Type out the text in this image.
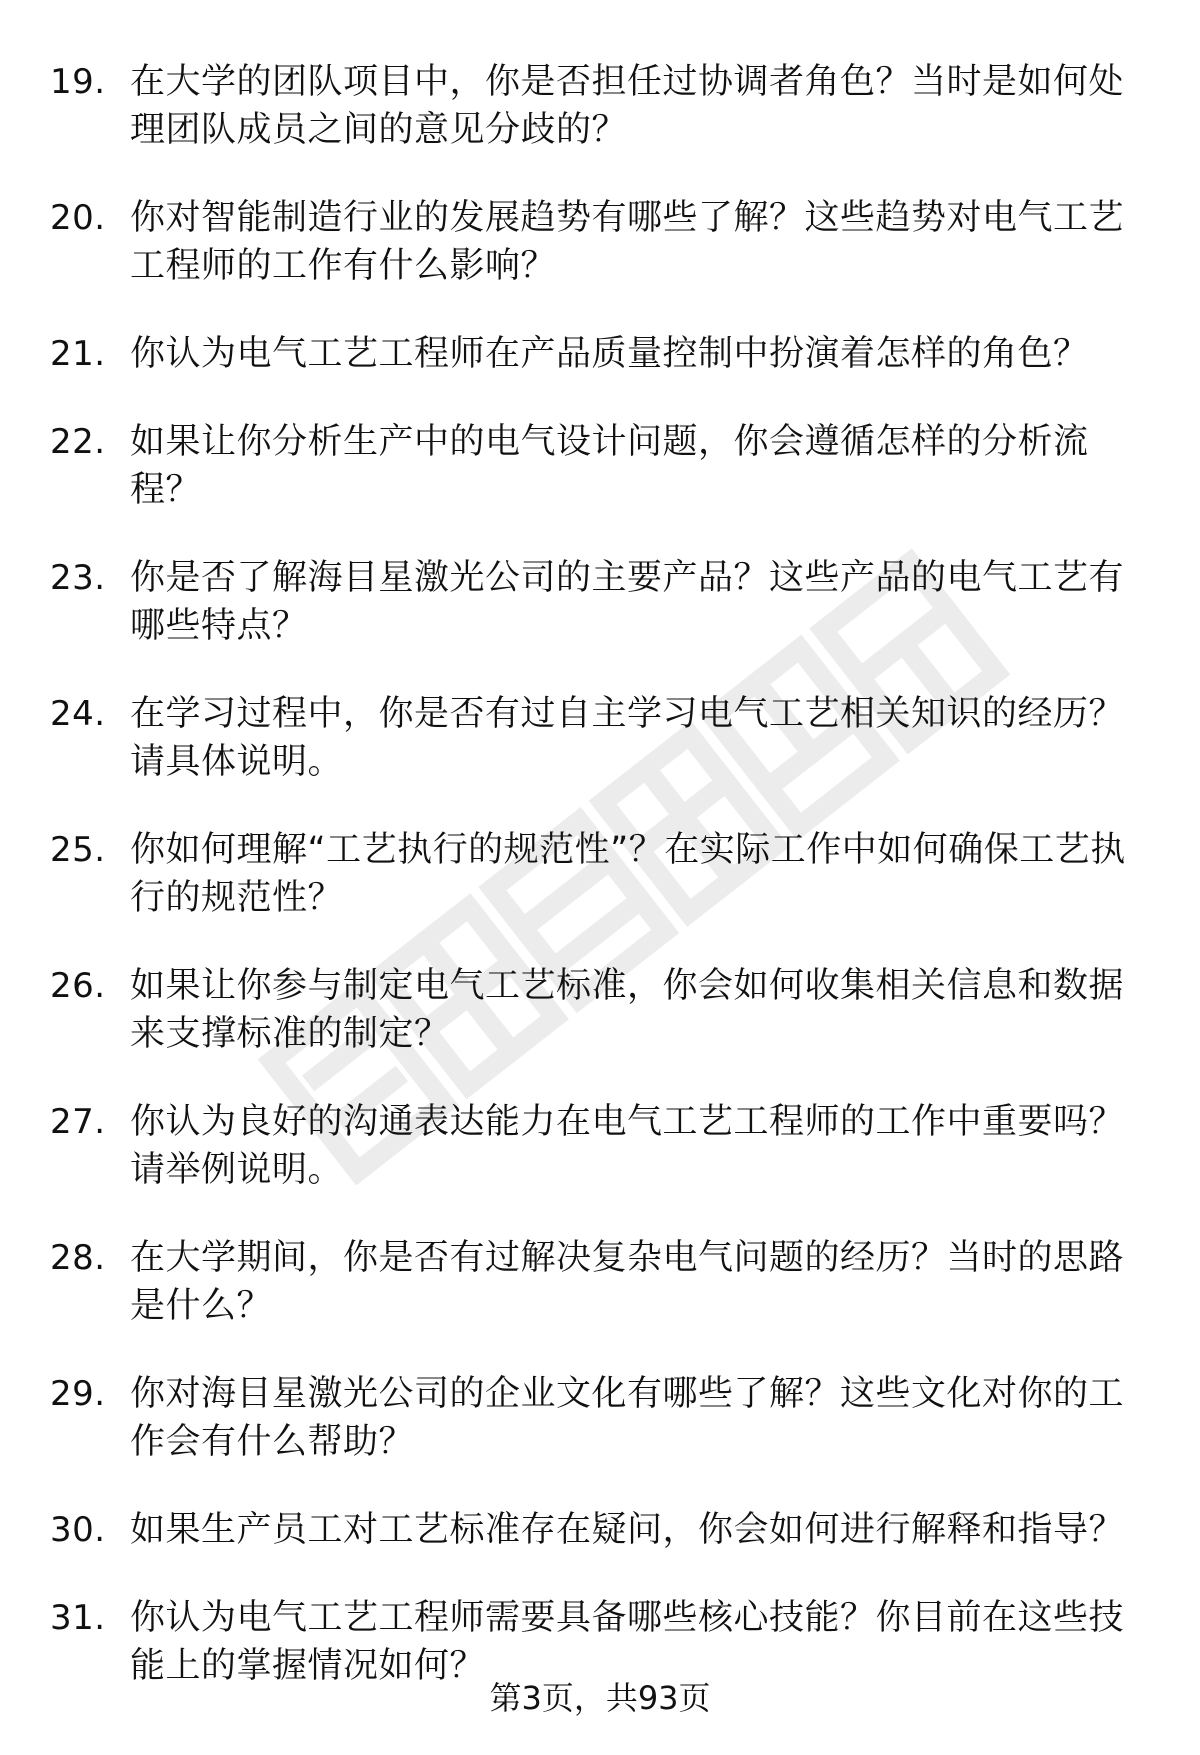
19. 在大学的团队项目中，你是否担任过协调者角色？当时是如何处理团队成员之间的意见分歧的？
20. 你对智能制造行业的发展趋势有哪些了解？这些趋势对电气工艺工程师的工作有什么影响？
21. 你认为电气工艺工程师在产品质量控制中扮演着怎样的角色？
22. 如果让你分析生产中的电气设计问题，你会遵循怎样的分析流程？
23. 你是否了解海目星激光公司的主要产品？这些产品的电气工艺有哪些特点？
24. 在学习过程中，你是否有过自主学习电气工艺相关知识的经历？请具体说明。
25. 你如何理解“工艺执行的规范性”？在实际工作中如何确保工艺执行的规范性？
26. 如果让你参与制定电气工艺标准，你会如何收集相关信息和数据来支撑标准的制定？
27. 你认为良好的沟通表达能力在电气工艺工程师的工作中重要吗？请举例说明。
28. 在大学期间，你是否有过解决复杂电气问题的经历？当时的思路是什么？
29. 你对海目星激光公司的企业文化有哪些了解？这些文化对你的工作会有什么帮助？
30. 如果生产员工对工艺标准存在疑问，你会如何进行解释和指导？
31. 你认为电气工艺工程师需要具备哪些核心技能？你目前在这些技能上的掌握情况如何？
第3页，共93页
